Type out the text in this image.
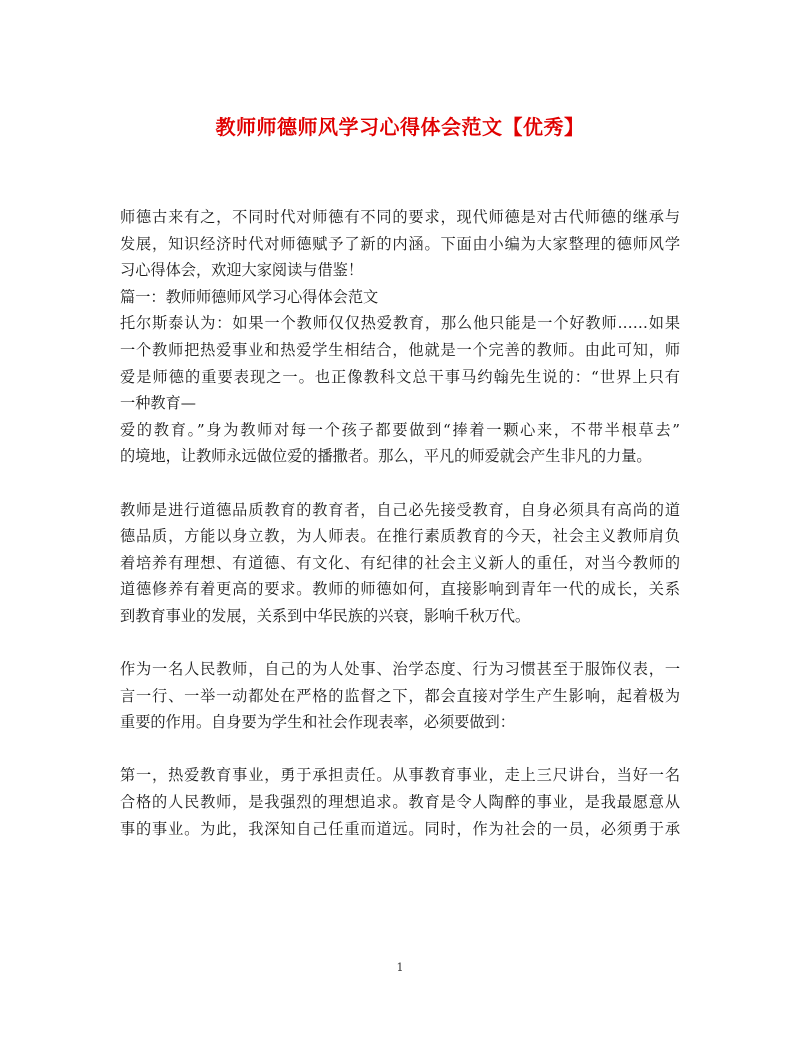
教师师德师风学习心得体会范文【优秀】
师德古来有之，不同时代对师德有不同的要求，现代师德是对古代师德的继承与
发展，知识经济时代对师德赋予了新的内涵。下面由小编为大家整理的德师风学
习心得体会，欢迎大家阅读与借鉴！
篇一：教师师德师风学习心得体会范文
托尔斯泰认为：如果一个教师仅仅热爱教育，那么他只能是一个好教师……如果
一个教师把热爱事业和热爱学生相结合，他就是一个完善的教师。由此可知，师
爱是师德的重要表现之一。也正像教科文总干事马约翰先生说的：“世界上只有
一种教育—
爱的教育。”身为教师对每一个孩子都要做到“捧着一颗心来，不带半根草去”
的境地，让教师永远做位爱的播撒者。那么，平凡的师爱就会产生非凡的力量。
教师是进行道德品质教育的教育者，自己必先接受教育，自身必须具有高尚的道
德品质，方能以身立教，为人师表。在推行素质教育的今天，社会主义教师肩负
着培养有理想、有道德、有文化、有纪律的社会主义新人的重任，对当今教师的
道德修养有着更高的要求。教师的师德如何，直接影响到青年一代的成长，关系
到教育事业的发展，关系到中华民族的兴衰，影响千秋万代。
作为一名人民教师，自己的为人处事、治学态度、行为习惯甚至于服饰仪表，一
言一行、一举一动都处在严格的监督之下，都会直接对学生产生影响，起着极为
重要的作用。自身要为学生和社会作现表率，必须要做到：
第一，热爱教育事业，勇于承担责任。从事教育事业，走上三尺讲台，当好一名
合格的人民教师，是我强烈的理想追求。教育是令人陶醉的事业，是我最愿意从
事的事业。为此，我深知自己任重而道远。同时，作为社会的一员，必须勇于承
1
